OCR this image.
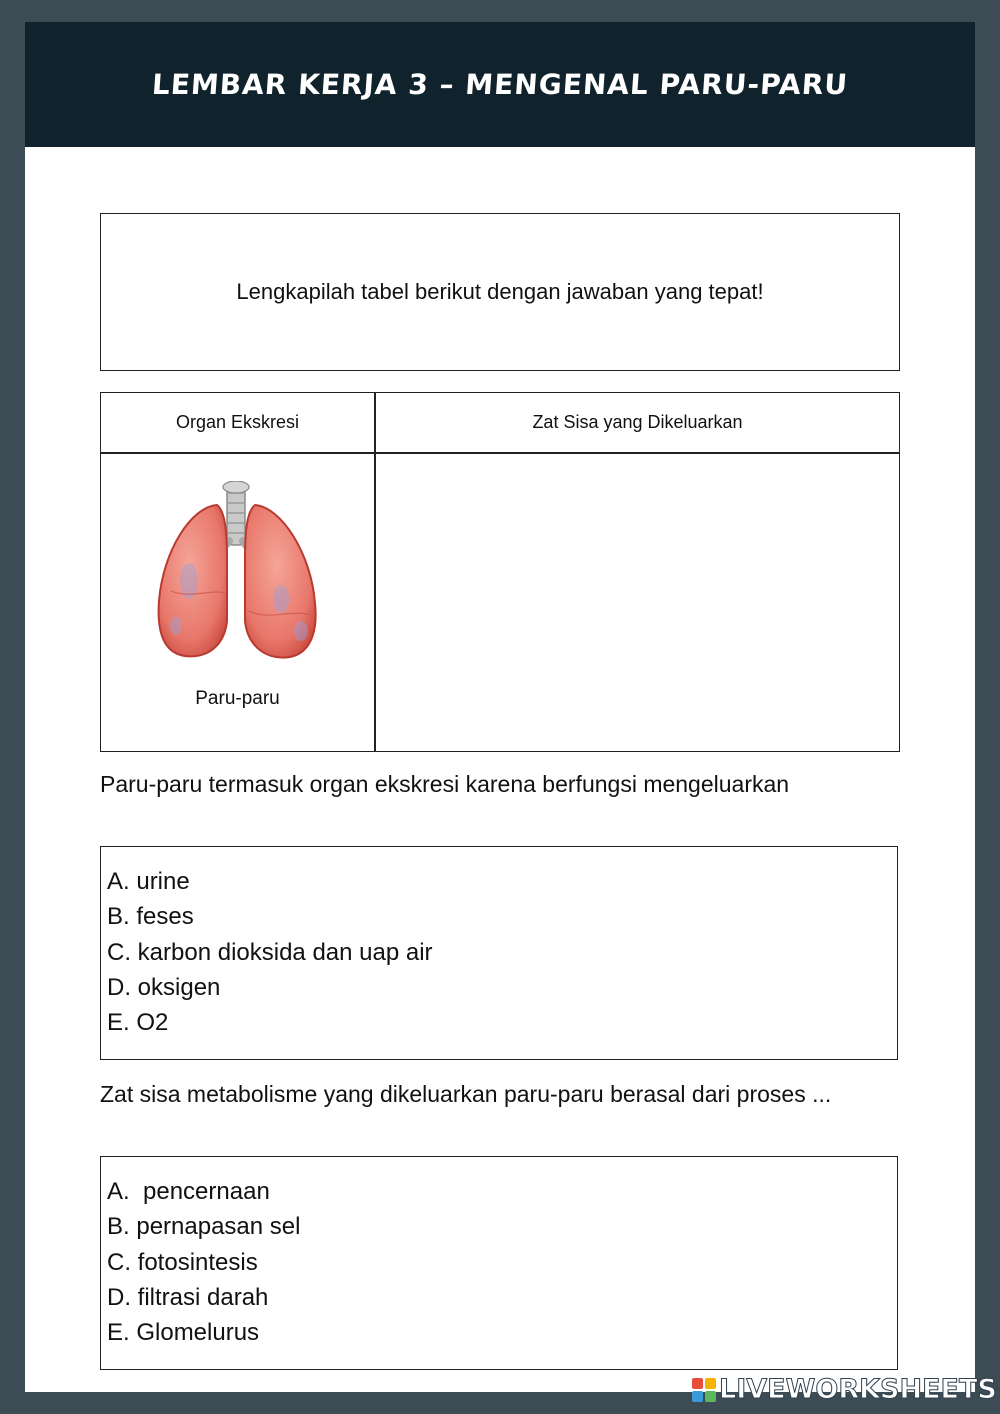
LEMBAR KERJA 3 – MENGENAL PARU-PARU
Lengkapilah tabel berikut dengan jawaban yang tepat!
Organ Ekskresi	Zat Sisa yang Dikeluarkan
Paru-paru
Paru-paru termasuk organ ekskresi karena berfungsi mengeluarkan
A. urine
B. feses
C. karbon dioksida dan uap air
D. oksigen
E. O2
Zat sisa metabolisme yang dikeluarkan paru-paru berasal dari proses ...
A.  pencernaan
B. pernapasan sel
C. fotosintesis
D. filtrasi darah
E. Glomelurus
LIVEWORKSHEETS
